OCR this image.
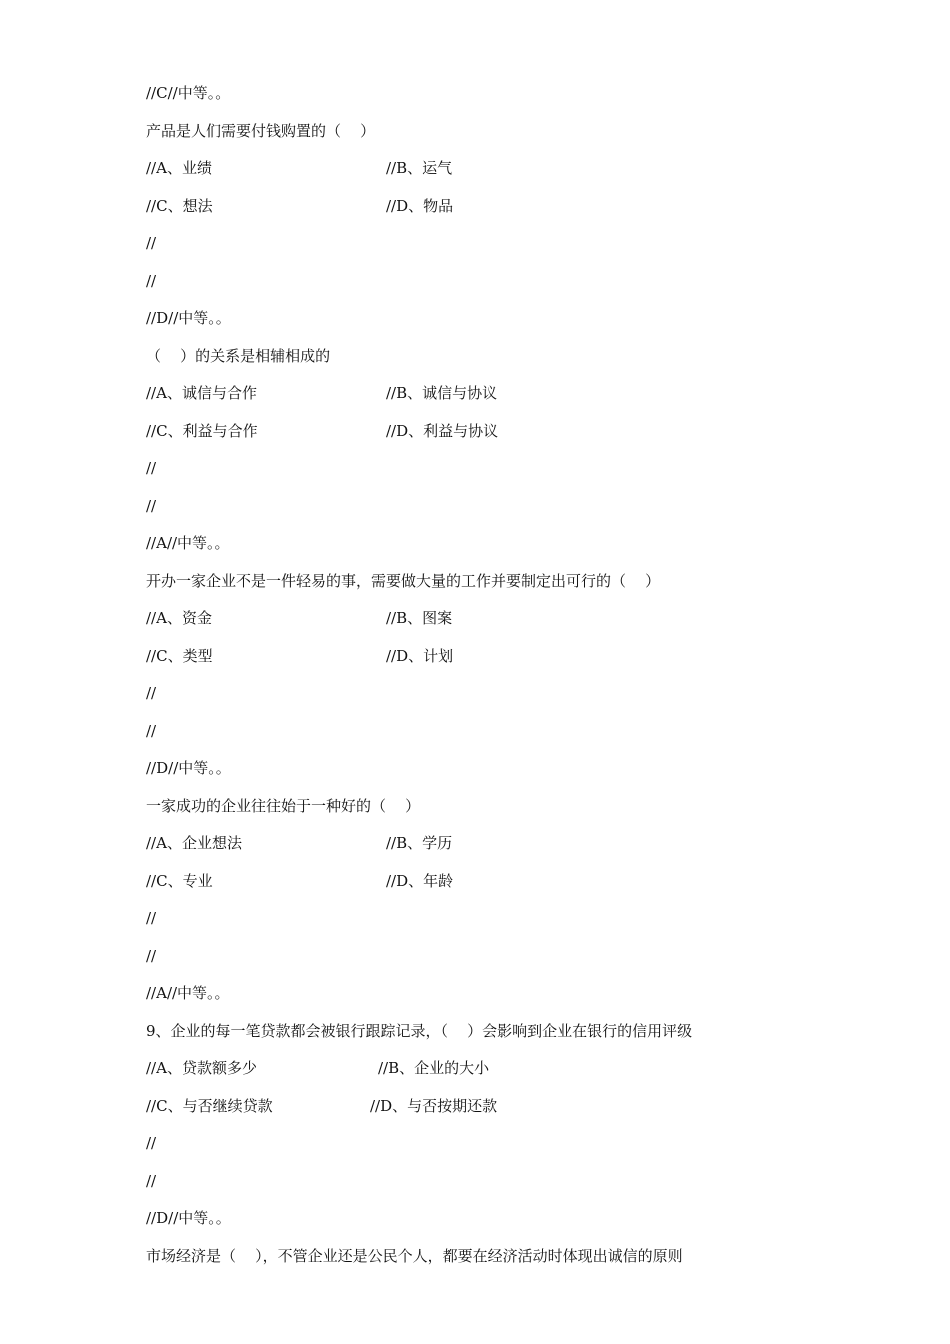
//C//中等。。
产品是人们需要付钱购置的（    ）
//A、业绩	//B、运气
//C、想法	//D、物品
//
//
//D//中等。。
（    ）的关系是相辅相成的
//A、诚信与合作	//B、诚信与协议
//C、利益与合作	//D、利益与协议
//
//
//A//中等。。
开办一家企业不是一件轻易的事，需要做大量的工作并要制定出可行的（    ）
//A、资金	//B、图案
//C、类型	//D、计划
//
//
//D//中等。。
一家成功的企业往往始于一种好的（    ）
//A、企业想法	//B、学历
//C、专业	//D、年龄
//
//
//A//中等。。
9、企业的每一笔贷款都会被银行跟踪记录，（    ）会影响到企业在银行的信用评级
//A、贷款额多少	//B、企业的大小
//C、与否继续贷款	//D、与否按期还款
//
//
//D//中等。。
市场经济是（    ），不管企业还是公民个人，都要在经济活动时体现出诚信的原则
